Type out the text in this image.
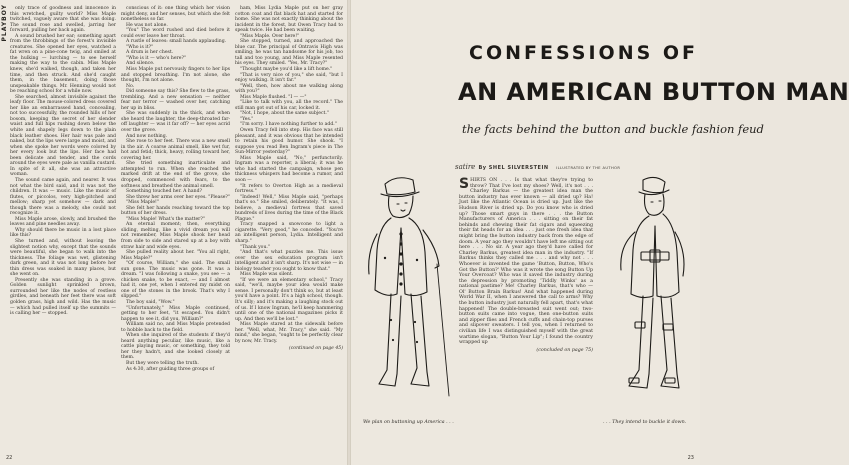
PLAYBOY	only trace of goodness and innocence in this wretched, guilty world? Miss Maple twitched, vaguely aware that she was doing. The sound rose and swelled, jarring her forward, pulling her back again.

A sound brushed her ear; something apart from the throbbings of the forest's invisible creatures. She opened her eyes, watched a fat wren on a pine-cone twig, and smiled at the hulking — lurching — to see herself making the way to the cabin. Miss Maple knew, she'd walked, though, and taken her time, and then struck. And she'd caught them, in the basement, doing those unspeakable things. Mr. Henning would not be reaching school for a while now.

She searched, almost invisible against the leafy floor. The mouse-colored dress covered her like an embarrassed hand, concealing, not too successfully, the rounded hills of her bosom, keeping the secret of her slender waist and full hips rushing down below the white and shapely legs down to the plain black leather shoes. Her hair was pale and naked, but the lips were large and moist, and when she spoke her words were colored by her every look but the lips. Her face had been delicate and tender, and the cords around the eyes were pale as vanilla custard. In spite of it all, she was an attractive woman.

The sound came again, and nearer. It was not what the bird said, and it was not the children. It was — music. Like the music of flutes, or piccolos, very high-pitched and mellow; sharp yet somehow — dark and though there was a melody, she could not recognize it.

Miss Maple arose, slowly, and brushed the leaves and pine needles away.

Why should there be music in a lost place like this?

She turned and, without leaving the slightest notion why, except that the sounds were beautiful, she began to walk into the thickness. The foliage was wet, glistening dark green, and it was not long before her thin dress was soaked in many places, but she went on.

Presently she was standing in a grove. Golden sunlight sprinkled brown, surrounded her like the nodes of restless girdles, and beneath her feet there was soft golden grass, high and wild. Has the music — which had pulled itself up the summits — is calling her — stopped.

conscious of it: one thing which her vision might deny, and her senses, but which she felt nonetheless so far.

He was not alone.

"You" The word rushed and died before it could ever leave her throat.

A rustle of leaves: small hands applauding.

"Who is it?"

A drum is her chest.

"Who is it — who's here?"

And silence.

Miss Maple put nervously fingers to her lips and stopped breathing. I'm not alone, she thought, I'm not alone.

No.

Did someone say this? She flew to the grass, trembling. And a new sensation — neither fear nor terror — washed over her, catching her up in bliss.

She was suddenly in the thick, and when she heard the laughter, the deep-throated far-off laughter — was it far off? — her eyes acrid over the grove.

And now nothing.

She rose to her feet. There was a new smell in the air. A coarse animal smell, like wet fur, hot and fetid; thick, heavy, rolling toward her, covering her.

She tried something inarticulate and attempted to run. When she reached the marked drift at the end of the grove, she dropped, commenced with fears, to the softness and breathed the animal smell.

Something touched her. A hand?

She threw her arms over her eyes. "Please?"

"Miss Maple!"

She felt her hands reaching toward the top button of her dress.

"Miss Maple! What's the matter?"

An eternal moment; then, everything sliding, melting, like a vivid dream you will not remember, Miss Maple shook her head from side to side and stared up at a boy with straw hair and wide eyes.

She pulled reality about her. "You all right, Miss Maple?"

"Of course, William," she said. The small sun gone. The music was gone. It was a dream. "I was following a snake, you see — a chicken snake, to be exact, — and I almost had it, one yet, when I entered my midst on one of the stones in the brook. That's why I slipped."

The boy said, "Wow."

"Unfortunately," Miss Maple continued, getting to her feet, "it escaped. You didn't happen to see it, did you, William?"

William said no, and Miss Maple pretended to hobble back to the field.

When she inquired of the students if they'd heard anything peculiar, like music, like a cattle playing music, or something, they told her they hadn't, and she looked closely at them.

But they were telling the truth.

As 4:30, after guiding three groups of

ham, Miss Lydia Maple put on her gray cotton coat and flat black hat and started for home. She was not exactly thinking about the incident in the forest, but Owen Tracy had to speak twice. He had been waiting.

"Miss Maple. Over here!"

She stopped, turned, and approached the blue car. The principal of Ontravis High was smiling; he was tan handsome for his job, too tall and too young, and Miss Maple resented his eyes. They smiled. "Yes, Mr. Tracy?"

"Thought maybe you'd like a lift home."

"That is very nice of you," she said, "but I enjoy walking. It isn't far."

"Well, then, how about me walking along with you?"

Miss Maple flushed. "I — —"

"Like to talk with you, all the record." The still man got out of his car, locked it.

"Not, I hope, about the same subject."

"Yes."

"I'm sorry. I have nothing further to add."

Owen Tracy fell into step. His face was still pleasant, and it was obvious that he intended to retain his good humor. She shook. "I suppose you read Ben Ingram's piece in The Sun-Mirror yesterday?"

Miss Maple said, "No," perfunctorily. Ingram was a reporter, a liberal; it was he who had started the campaign, whose pen thickness whispers had become a rumor, and soon —

"It refers to Overton High as a medieval fortress."

"Indeed! Well," Miss Maple said, "perhaps that's so." She smiled, deliberately. "It was, I believe, a medieval fortress that saved hundreds of lives during the time of the Black Plague."

Tracy snapped a snowcone to light a cigarette. "Very good," he conceded. "You're an intelligent person, Lydia. Intelligent and sharp."

"Thank you."

"And that's what puzzles me. This issue over the sex education program isn't intelligent and it isn't sharp. It's not wise — in biology teacher you ought to know that."

Miss Maple was silent.

"If we were an elementary school," Tracy said, "we'll, maybe your idea would make sense. I personally don't think so, but at least you'd have a point. It's a high school, though. It's silly; and it's making a laughing stock out of us. If I know Ingram, he'll keep hammering until one of the national magazines picks it up. And then we'll be lost."

Miss Maple stared at the sidewalk before her. "Well, what, Mr. Tracy," she said. "My mind," she began, "ought to be perfectly clear by now, Mr. Tracy.

(continued on page 45)
22
CONFESSIONS OF
AN AMERICAN BUTTON MAN
the facts behind the button and buckle fashion feud
satire By SHEL SILVERSTEIN ILLUSTRATED BY THE AUTHOR
We plan on buttoning up America . . .

SHIRTS ON . . . Is that what they're trying to throw? That I've lost my shoes? Well, it's not . . . Charley Barkus — the greatest idea man the button industry has ever known — all dried up? Ha! Just like the Atlantic Ocean is dried up. Just like the Hudson River is dried up. Do you know who is dried up? Those smart guys in there . . . the Button Manufacturers of America . . . sitting on their fat behinds and chewing their fat cigars and squeezing their fat heads for an idea . . . just one fresh idea that might bring the button industry back from the edge of doom. A year ago they wouldn't have left me sitting out here . . . No sir. A year ago they'd have called for Charley Barkus, greatest idea man in the industry. "If Barkus thinks they called me . . . and why not . . . Whoever is invented the game 'Button, Button, Who's Got the Button?' Who was it wrote the song Button Up Your Overcoat? Who was it saved the industry during the depression by promoting 'Tiddly Winks' as a national pastime? Me! Charley Barkus, that's who — Ol' Button Brain Barkus! And what happened during World War II, when I answered the call to arms? Why the button industry just naturally fell apart, that's what happened! The double-breasted suit went out; two-button suits came into vogue, then one-button suits and zipper flies and French cuffs and chain-top purses and slipover sweaters. I tell you, when I returned to civilian life I was distinguished myself with the great wartime slogan, "Button Your Lip"; I found the country wrapped up

(concluded on page 75)
. . . They intend to buckle it down.
23
